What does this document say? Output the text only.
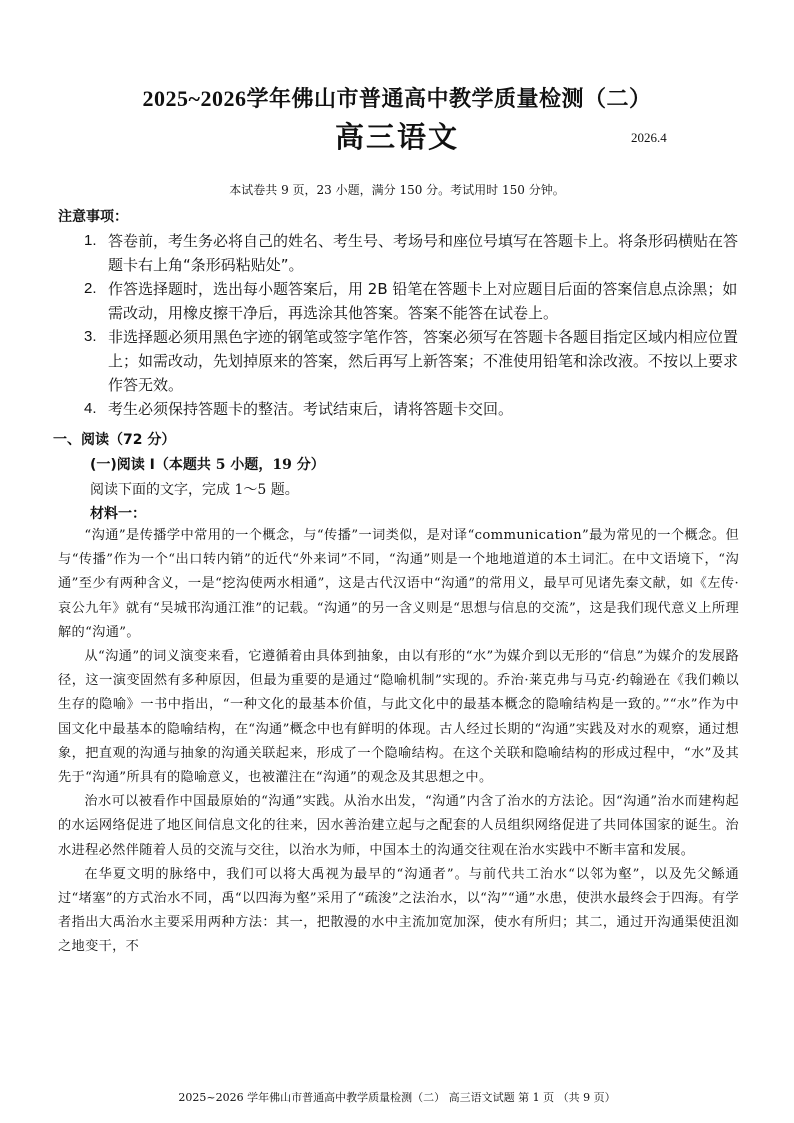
2025~2026学年佛山市普通高中教学质量检测（二）
高三语文	2026.4

本试卷共 9 页，23 小题，满分 150 分。考试用时 150 分钟。

注意事项：
1. 答卷前，考生务必将自己的姓名、考生号、考场号和座位号填写在答题卡上。将条形码横贴在答题卡右上角“条形码粘贴处”。
2. 作答选择题时，选出每小题答案后，用 2B 铅笔在答题卡上对应题目后面的答案信息点涂黑；如需改动，用橡皮擦干净后，再选涂其他答案。答案不能答在试卷上。
3. 非选择题必须用黑色字迹的钢笔或签字笔作答，答案必须写在答题卡各题目指定区域内相应位置上；如需改动，先划掉原来的答案，然后再写上新答案；不准使用铅笔和涂改液。不按以上要求作答无效。
4. 考生必须保持答题卡的整洁。考试结束后，请将答题卡交回。
一、阅读（72 分）
(一)阅读 I（本题共 5 小题，19 分）

阅读下面的文字，完成 1～5 题。

材料一：

“沟通”是传播学中常用的一个概念，与“传播”一词类似，是对译“communication”最为常见的一个概念。但与“传播”作为一个“出口转内销”的近代“外来词”不同，“沟通”则是一个地地道道的本土词汇。在中文语境下，“沟通”至少有两种含义，一是“挖沟使两水相通”，这是古代汉语中“沟通”的常用义，最早可见诸先秦文献，如《左传·哀公九年》就有“吴城邗沟通江淮”的记载。“沟通”的另一含义则是“思想与信息的交流”，这是我们现代意义上所理解的“沟通”。

从“沟通”的词义演变来看，它遵循着由具体到抽象，由以有形的“水”为媒介到以无形的“信息”为媒介的发展路径，这一演变固然有多种原因，但最为重要的是通过“隐喻机制”实现的。乔治·莱克弗与马克·约翰逊在《我们赖以生存的隐喻》一书中指出，“一种文化的最基本价值，与此文化中的最基本概念的隐喻结构是一致的。”“水”作为中国文化中最基本的隐喻结构，在“沟通”概念中也有鲜明的体现。古人经过长期的“沟通”实践及对水的观察，通过想象，把直观的沟通与抽象的沟通关联起来，形成了一个隐喻结构。在这个关联和隐喻结构的形成过程中，“水”及其先于“沟通”所具有的隐喻意义，也被灌注在“沟通”的观念及其思想之中。

治水可以被看作中国最原始的“沟通”实践。从治水出发，“沟通”内含了治水的方法论。因“沟通”治水而建构起的水运网络促进了地区间信息文化的往来，因水善治建立起与之配套的人员组织网络促进了共同体国家的诞生。治水进程必然伴随着人员的交流与交往，以治水为师，中国本土的沟通交往观在治水实践中不断丰富和发展。

在华夏文明的脉络中，我们可以将大禹视为最早的“沟通者”。与前代共工治水“以邻为壑”，以及先父鲧通过“堵塞”的方式治水不同，禹“以四海为壑”采用了“疏浚”之法治水，以“沟”“通”水患，使洪水最终会于四海。有学者指出大禹治水主要采用两种方法：其一，把散漫的水中主流加宽加深，使水有所归；其二，通过开沟通渠使沮洳之地变干，不

2025~2026 学年佛山市普通高中教学质量检测（二） 高三语文试题 第 1 页 （共 9 页）
